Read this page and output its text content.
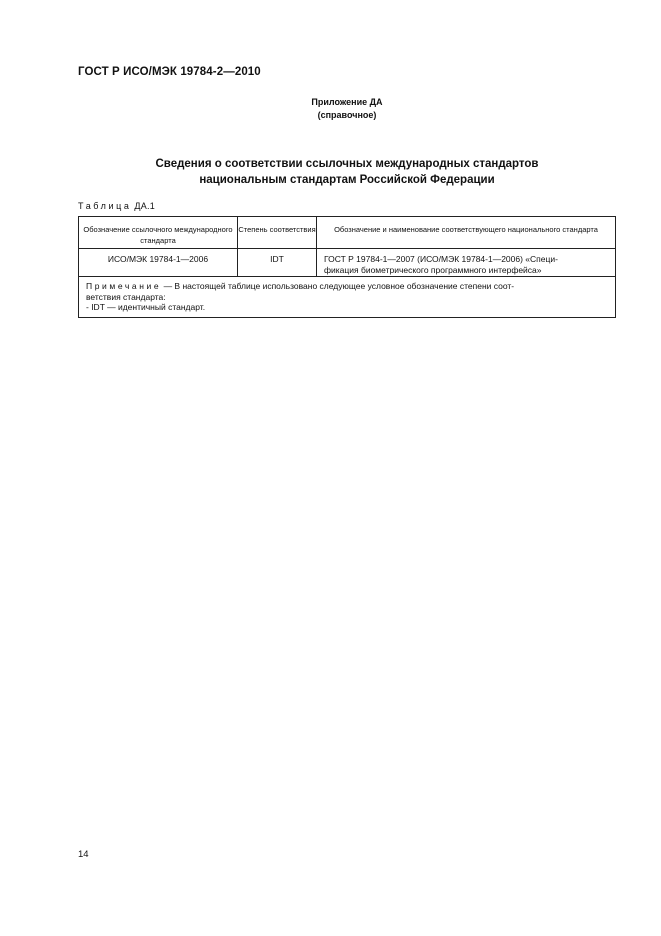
ГОСТ Р ИСО/МЭК 19784-2—2010
Приложение ДА
(справочное)
Сведения о соответствии ссылочных международных стандартов
национальным стандартам Российской Федерации
Таблица ДА.1
Обозначение ссылочного международного стандарта	Степень соответствия	Обозначение и наименование соответствующего национального стандарта
ИСО/МЭК 19784-1—2006	IDT	ГОСТ Р 19784-1—2007 (ИСО/МЭК 19784-1—2006) «Специ-
фикация биометрического программного интерфейса»

Примечание — В настоящей таблице использовано следующее условное обозначение степени соот-
ветствия стандарта:
- IDT — идентичный стандарт.		
14
